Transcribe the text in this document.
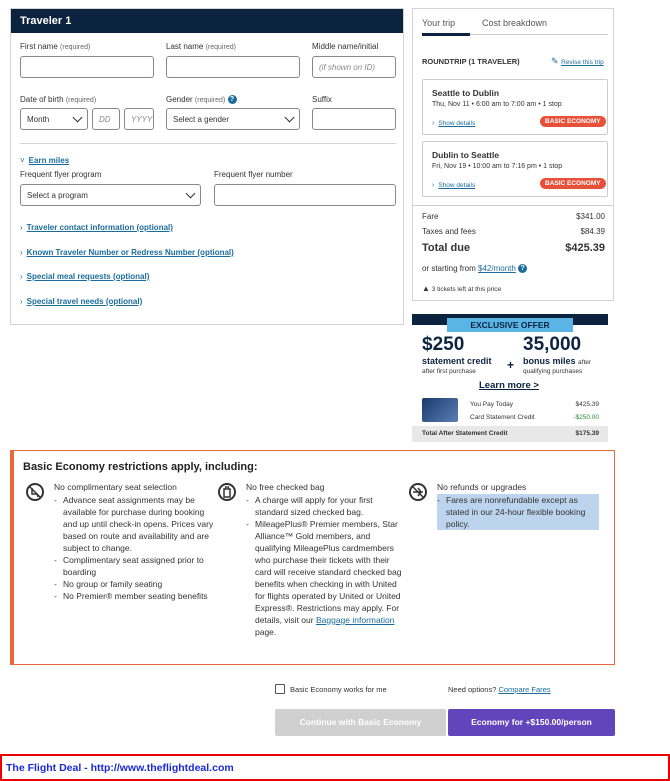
Traveler 1
First name (required)	Last name (required)	Middle name/initial
(if shown on ID)
Date of birth (required)
Month	DD	YYYY
Gender (required) ?
Select a gender
Suffix
˅ Earn miles
Frequent flyer program
Select a program
Frequent flyer number
› Traveler contact information (optional)
› Known Traveler Number or Redress Number (optional)
› Special meal requests (optional)
› Special travel needs (optional)
Your trip	Cost breakdown
ROUNDTRIP (1 TRAVELER)	✎ Revise this trip
Seattle to Dublin
Thu, Nov 11 • 6:00 am to 7:00 am • 1 stop
› Show details	BASIC ECONOMY
Dublin to Seattle
Fri, Nov 19 • 10:00 am to 7:16 pm • 1 stop
› Show details	BASIC ECONOMY
Fare	$341.00
Taxes and fees	$84.39
Total due	$425.39
or starting from $42/month ?
▲ 3 tickets left at this price
EXCLUSIVE OFFER
$250
statement credit
after first purchase	+
35,000
bonus miles after
qualifying purchases
Learn more >
You Pay Today	$425.39
Card Statement Credit	-$250.00
Total After Statement Credit	$175.39
Basic Economy restrictions apply, including:
No complimentary seat selection
- Advance seat assignments may be available for purchase during booking and up until check-in opens. Prices vary based on route and availability and are subject to change.
- Complimentary seat assigned prior to boarding
- No group or family seating
- No Premier® member seating benefits
No free checked bag
- A charge will apply for your first standard sized checked bag.
- MileagePlus® Premier members, Star Alliance™ Gold members, and qualifying MileagePlus cardmembers who purchase their tickets with their card will receive standard checked bag benefits when checking in with United for flights operated by United or United Express®. Restrictions may apply. For details, visit our Baggage information page.
No refunds or upgrades
- Fares are nonrefundable except as stated in our 24-hour flexible booking policy.
Basic Economy works for me	Need options? Compare Fares
Continue with Basic Economy	Economy for +$150.00/person
The Flight Deal - http://www.theflightdeal.com
